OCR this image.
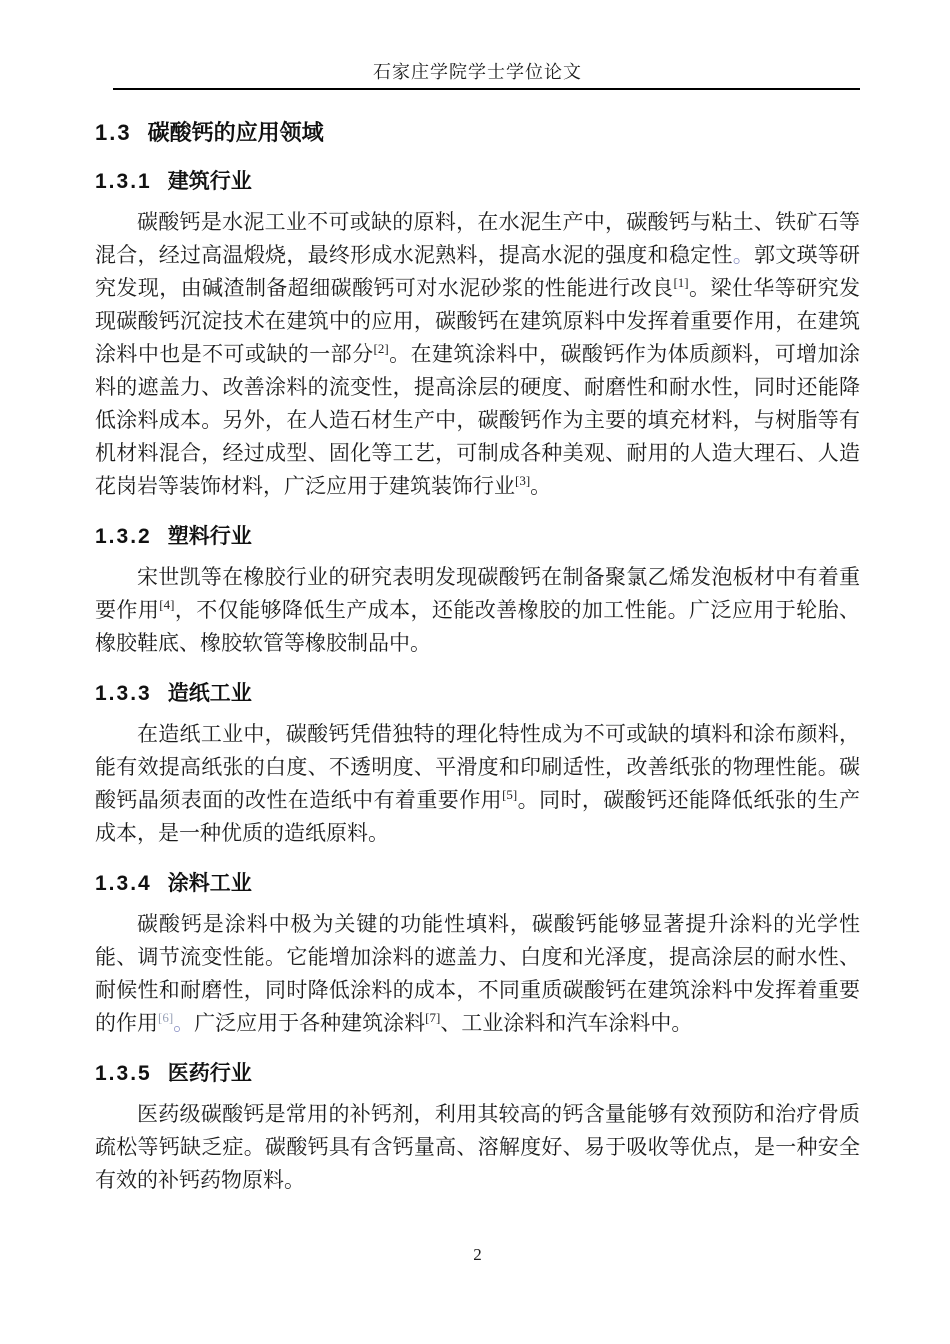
石家庄学院学士学位论文
1.3 碳酸钙的应用领域
1.3.1 建筑行业

碳酸钙是水泥工业不可或缺的原料，在水泥生产中，碳酸钙与粘土、铁矿石等混合，经过高温煅烧，最终形成水泥熟料，提高水泥的强度和稳定性。郭文瑛等研究发现，由碱渣制备超细碳酸钙可对水泥砂浆的性能进行改良[1]。梁仕华等研究发现碳酸钙沉淀技术在建筑中的应用，碳酸钙在建筑原料中发挥着重要作用，在建筑涂料中也是不可或缺的一部分[2]。在建筑涂料中，碳酸钙作为体质颜料，可增加涂料的遮盖力、改善涂料的流变性，提高涂层的硬度、耐磨性和耐水性，同时还能降低涂料成本。另外，在人造石材生产中，碳酸钙作为主要的填充材料，与树脂等有机材料混合，经过成型、固化等工艺，可制成各种美观、耐用的人造大理石、人造花岗岩等装饰材料，广泛应用于建筑装饰行业[3]。

1.3.2 塑料行业

宋世凯等在橡胶行业的研究表明发现碳酸钙在制备聚氯乙烯发泡板材中有着重要作用[4]，不仅能够降低生产成本，还能改善橡胶的加工性能。广泛应用于轮胎、橡胶鞋底、橡胶软管等橡胶制品中。

1.3.3 造纸工业

在造纸工业中，碳酸钙凭借独特的理化特性成为不可或缺的填料和涂布颜料，能有效提高纸张的白度、不透明度、平滑度和印刷适性，改善纸张的物理性能。碳酸钙晶须表面的改性在造纸中有着重要作用[5]。同时，碳酸钙还能降低纸张的生产成本，是一种优质的造纸原料。

1.3.4 涂料工业

碳酸钙是涂料中极为关键的功能性填料，碳酸钙能够显著提升涂料的光学性能、调节流变性能。它能增加涂料的遮盖力、白度和光泽度，提高涂层的耐水性、耐候性和耐磨性，同时降低涂料的成本，不同重质碳酸钙在建筑涂料中发挥着重要的作用[6]。广泛应用于各种建筑涂料[7]、工业涂料和汽车涂料中。

1.3.5 医药行业

医药级碳酸钙是常用的补钙剂，利用其较高的钙含量能够有效预防和治疗骨质疏松等钙缺乏症。碳酸钙具有含钙量高、溶解度好、易于吸收等优点，是一种安全有效的补钙药物原料。

2
